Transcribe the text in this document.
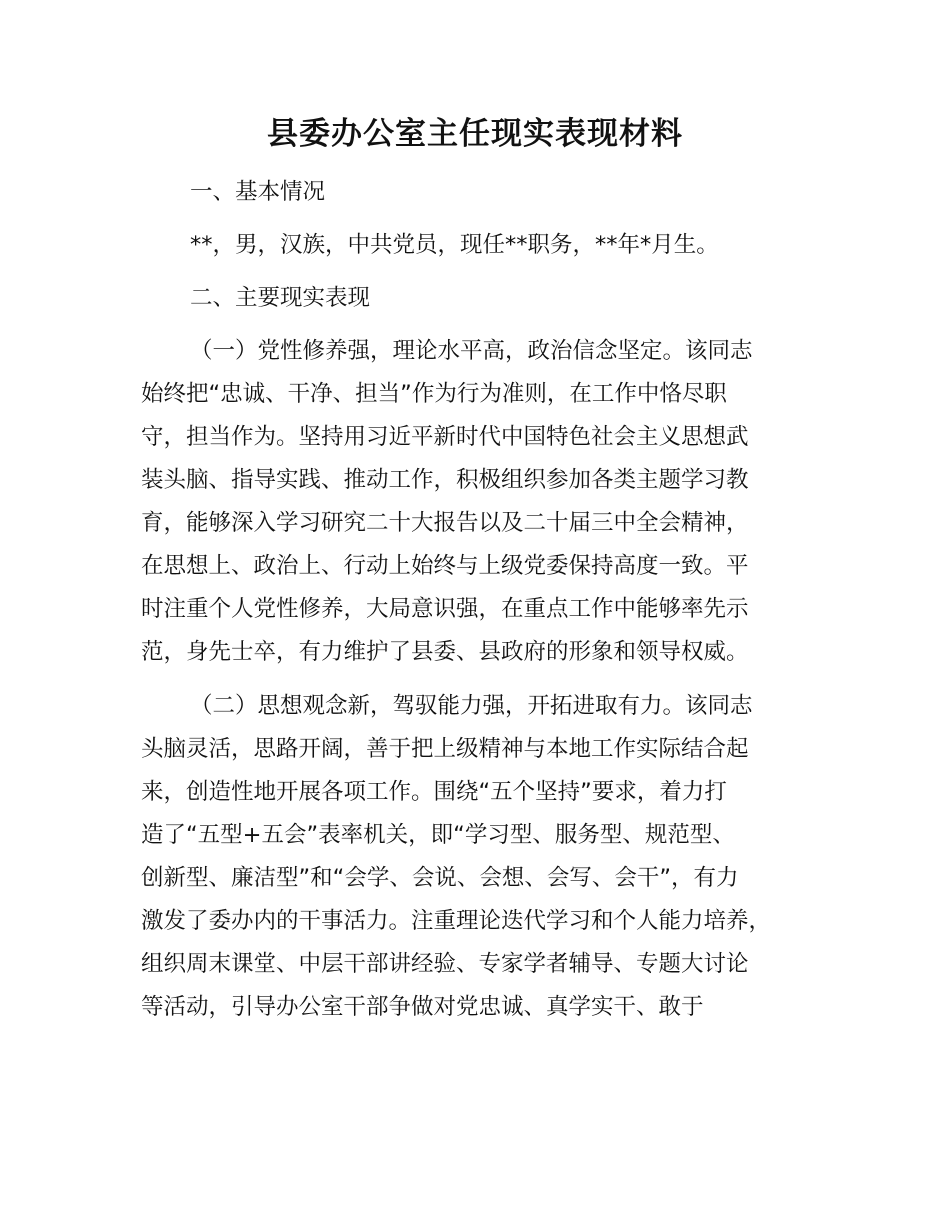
县委办公室主任现实表现材料
一、基本情况
**，男，汉族，中共党员，现任**职务，**年*月生。
二、主要现实表现
（一）党性修养强，理论水平高，政治信念坚定。该同志
始终把“忠诚、干净、担当”作为行为准则，在工作中恪尽职
守，担当作为。坚持用习近平新时代中国特色社会主义思想武
装头脑、指导实践、推动工作，积极组织参加各类主题学习教
育，能够深入学习研究二十大报告以及二十届三中全会精神，
在思想上、政治上、行动上始终与上级党委保持高度一致。平
时注重个人党性修养，大局意识强，在重点工作中能够率先示
范，身先士卒，有力维护了县委、县政府的形象和领导权威。
（二）思想观念新，驾驭能力强，开拓进取有力。该同志
头脑灵活，思路开阔，善于把上级精神与本地工作实际结合起
来，创造性地开展各项工作。围绕“五个坚持”要求，着力打
造了“五型+五会”表率机关，即“学习型、服务型、规范型、
创新型、廉洁型”和“会学、会说、会想、会写、会干”，有力
激发了委办内的干事活力。注重理论迭代学习和个人能力培养，
组织周末课堂、中层干部讲经验、专家学者辅导、专题大讨论
等活动，引导办公室干部争做对党忠诚、真学实干、敢于
